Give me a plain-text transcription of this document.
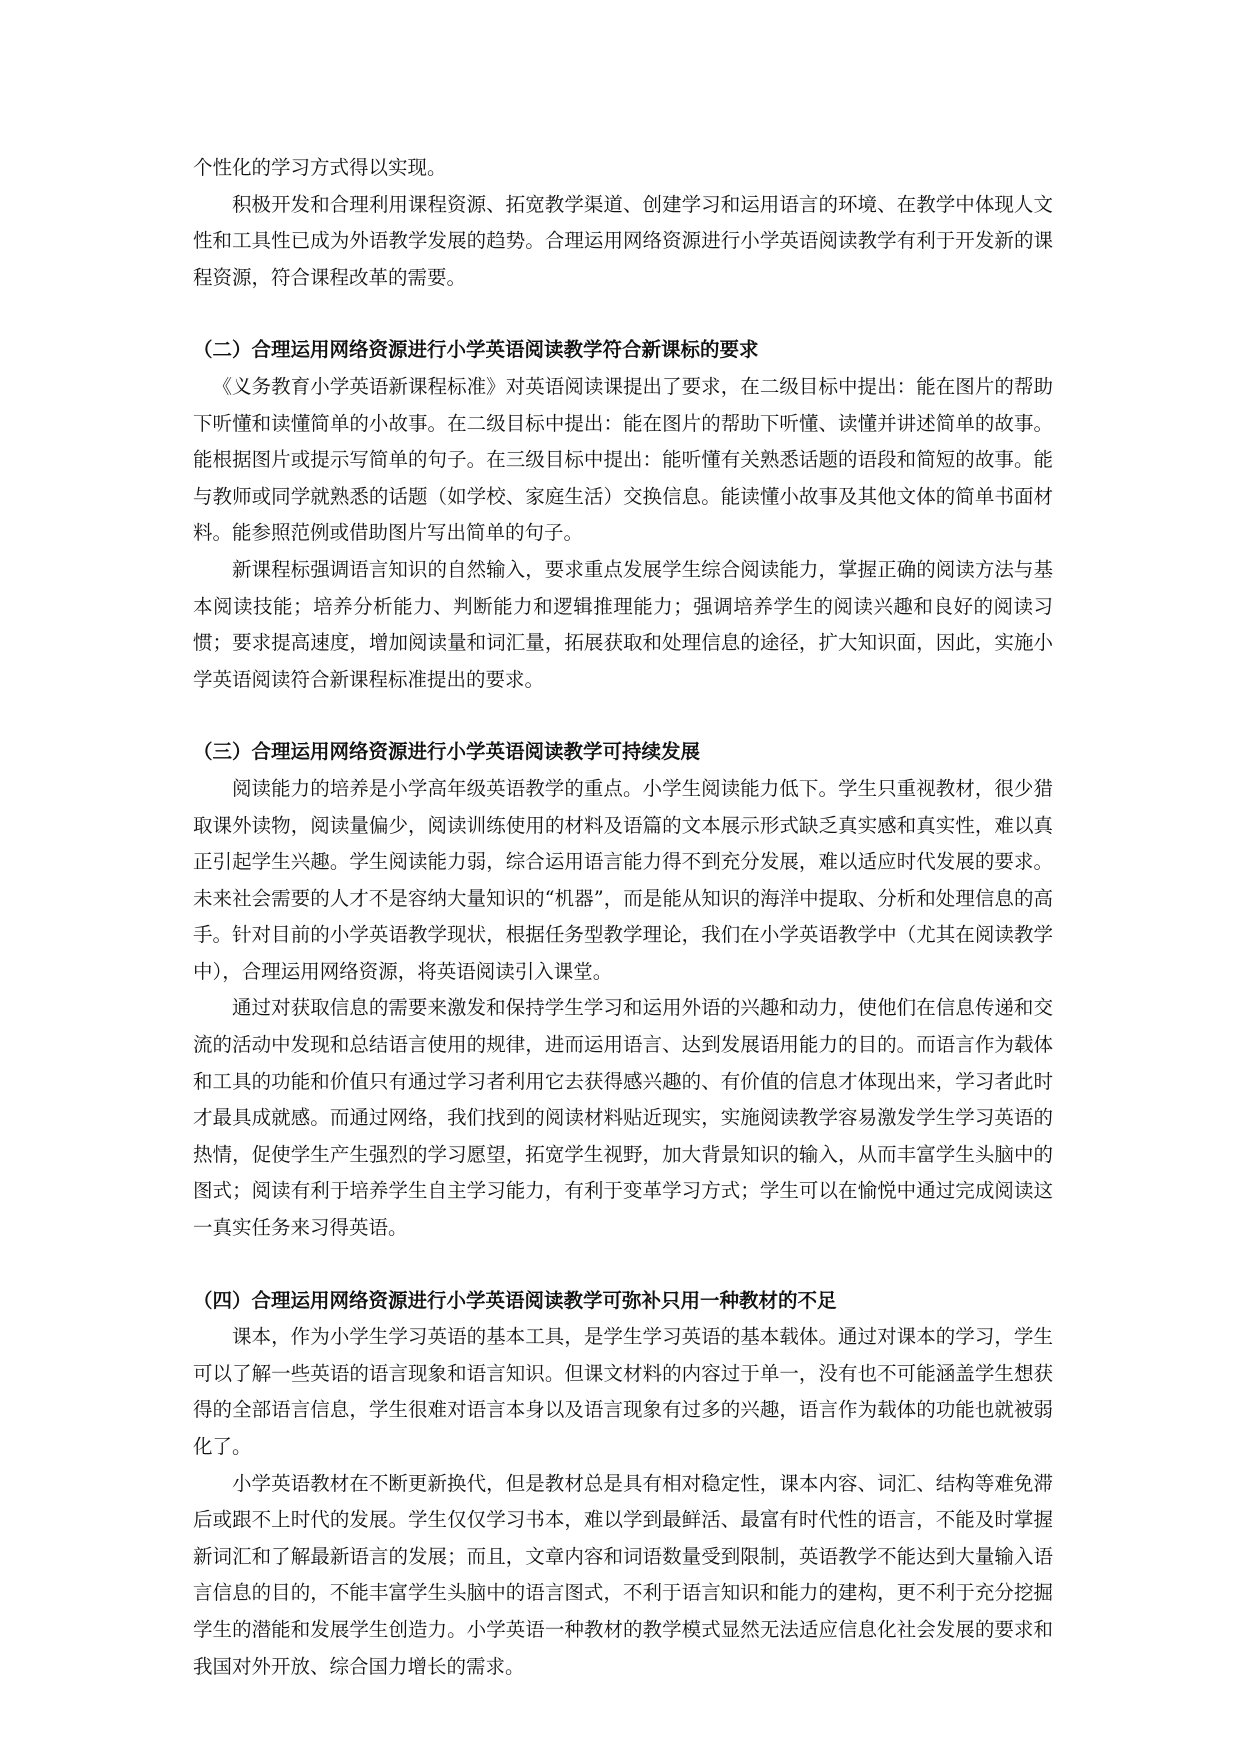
个性化的学习方式得以实现。

积极开发和合理利用课程资源、拓宽教学渠道、创建学习和运用语言的环境、在教学中体现人文性和工具性已成为外语教学发展的趋势。合理运用网络资源进行小学英语阅读教学有利于开发新的课程资源，符合课程改革的需要。

（二）合理运用网络资源进行小学英语阅读教学符合新课标的要求

《义务教育小学英语新课程标准》对英语阅读课提出了要求，在二级目标中提出：能在图片的帮助下听懂和读懂简单的小故事。在二级目标中提出：能在图片的帮助下听懂、读懂并讲述简单的故事。能根据图片或提示写简单的句子。在三级目标中提出：能听懂有关熟悉话题的语段和简短的故事。能与教师或同学就熟悉的话题（如学校、家庭生活）交换信息。能读懂小故事及其他文体的简单书面材料。能参照范例或借助图片写出简单的句子。

新课程标强调语言知识的自然输入，要求重点发展学生综合阅读能力，掌握正确的阅读方法与基本阅读技能；培养分析能力、判断能力和逻辑推理能力；强调培养学生的阅读兴趣和良好的阅读习惯；要求提高速度，增加阅读量和词汇量，拓展获取和处理信息的途径，扩大知识面，因此，实施小学英语阅读符合新课程标准提出的要求。

（三）合理运用网络资源进行小学英语阅读教学可持续发展

阅读能力的培养是小学高年级英语教学的重点。小学生阅读能力低下。学生只重视教材，很少猎取课外读物，阅读量偏少，阅读训练使用的材料及语篇的文本展示形式缺乏真实感和真实性，难以真正引起学生兴趣。学生阅读能力弱，综合运用语言能力得不到充分发展，难以适应时代发展的要求。未来社会需要的人才不是容纳大量知识的“机器”，而是能从知识的海洋中提取、分析和处理信息的高手。针对目前的小学英语教学现状，根据任务型教学理论，我们在小学英语教学中（尤其在阅读教学中），合理运用网络资源，将英语阅读引入课堂。

通过对获取信息的需要来激发和保持学生学习和运用外语的兴趣和动力，使他们在信息传递和交流的活动中发现和总结语言使用的规律，进而运用语言、达到发展语用能力的目的。而语言作为载体和工具的功能和价值只有通过学习者利用它去获得感兴趣的、有价值的信息才体现出来，学习者此时才最具成就感。而通过网络，我们找到的阅读材料贴近现实，实施阅读教学容易激发学生学习英语的热情，促使学生产生强烈的学习愿望，拓宽学生视野，加大背景知识的输入，从而丰富学生头脑中的图式；阅读有利于培养学生自主学习能力，有利于变革学习方式；学生可以在愉悦中通过完成阅读这一真实任务来习得英语。

（四）合理运用网络资源进行小学英语阅读教学可弥补只用一种教材的不足

课本，作为小学生学习英语的基本工具，是学生学习英语的基本载体。通过对课本的学习，学生可以了解一些英语的语言现象和语言知识。但课文材料的内容过于单一，没有也不可能涵盖学生想获得的全部语言信息，学生很难对语言本身以及语言现象有过多的兴趣，语言作为载体的功能也就被弱化了。

小学英语教材在不断更新换代，但是教材总是具有相对稳定性，课本内容、词汇、结构等难免滞后或跟不上时代的发展。学生仅仅学习书本，难以学到最鲜活、最富有时代性的语言，不能及时掌握新词汇和了解最新语言的发展；而且，文章内容和词语数量受到限制，英语教学不能达到大量输入语言信息的目的，不能丰富学生头脑中的语言图式，不利于语言知识和能力的建构，更不利于充分挖掘学生的潜能和发展学生创造力。小学英语一种教材的教学模式显然无法适应信息化社会发展的要求和我国对外开放、综合国力增长的需求。
